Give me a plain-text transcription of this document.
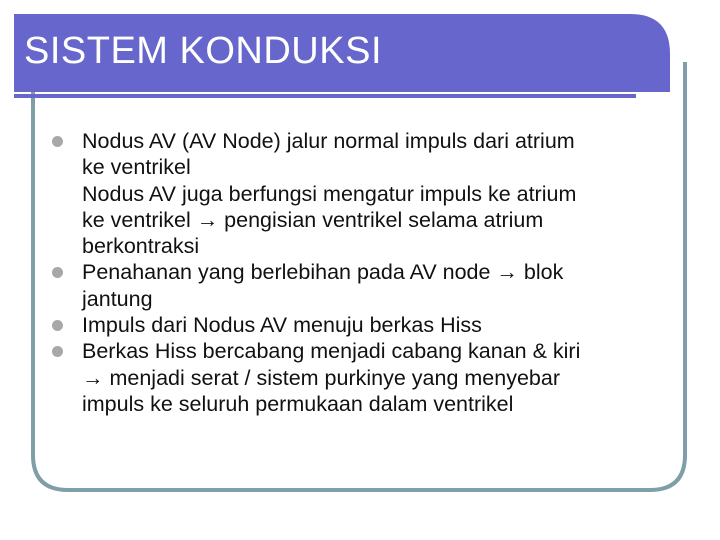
SISTEM KONDUKSI
Nodus AV (AV Node) jalur normal impuls dari atrium
ke ventrikel
Nodus AV juga berfungsi mengatur impuls ke atrium
ke ventrikel → pengisian ventrikel selama atrium
berkontraksi
Penahanan yang berlebihan pada AV node → blok
jantung
Impuls dari Nodus AV menuju berkas Hiss
Berkas Hiss bercabang menjadi cabang kanan & kiri
→ menjadi serat / sistem purkinye yang menyebar
impuls ke seluruh permukaan dalam ventrikel
